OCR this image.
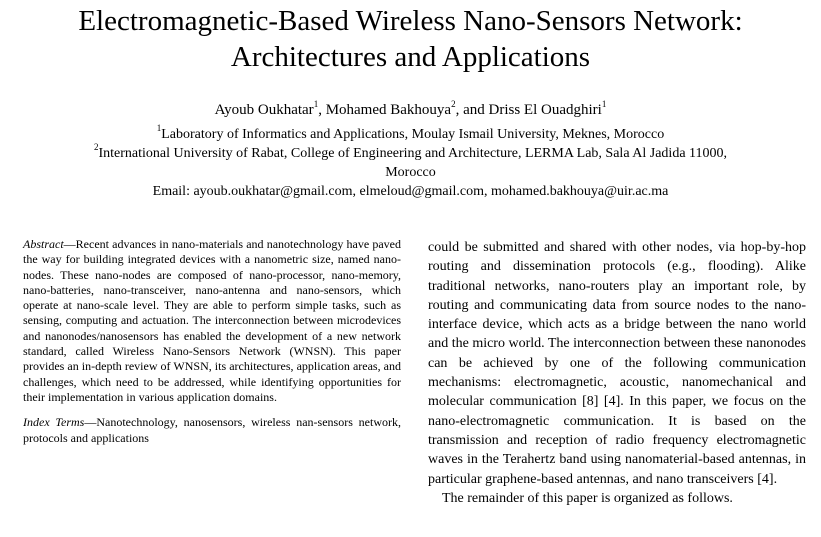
Electromagnetic-Based Wireless Nano-Sensors Network:
Architectures and Applications
Ayoub Oukhatar$^1$, Mohamed Bakhouya$^2$, and Driss El Ouadghiri$^1$
$^1$Laboratory of Informatics and Applications, Moulay Ismail University, Meknes, Morocco
$^2$International University of Rabat, College of Engineering and Architecture, LERMA Lab, Sala Al Jadida 11000,
Morocco
Email: ayoub.oukhatar@gmail.com, elmeloud@gmail.com, mohamed.bakhouya@uir.ac.ma

Abstract—Recent advances in nano-materials and nanotechnology have paved the way for building integrated devices with a nanometric size, named nano-nodes. These nano-nodes are composed of nano-processor, nano-memory, nano-batteries, nano-transceiver, nano-antenna and nano-sensors, which operate at nano-scale level. They are able to perform simple tasks, such as sensing, computing and actuation. The interconnection between microdevices and nanonodes/nanosensors has enabled the development of a new network standard, called Wireless Nano-Sensors Network (WNSN). This paper provides an in-depth review of WNSN, its architectures, application areas, and challenges, which need to be addressed, while identifying opportunities for their implementation in various application domains.

Index Terms—Nanotechnology, nanosensors, wireless nan-sensors network, protocols and applications

could be submitted and shared with other nodes, via hop-by-hop routing and dissemination protocols (e.g., flooding). Alike traditional networks, nano-routers play an important role, by routing and communicating data from source nodes to the nano-interface device, which acts as a bridge between the nano world and the micro world. The interconnection between these nanonodes can be achieved by one of the following communication mechanisms: electromagnetic, acoustic, nanomechanical and molecular communication [8] [4]. In this paper, we focus on the nano-electromagnetic communication. It is based on the transmission and reception of radio frequency electromagnetic waves in the Terahertz band using nanomaterial-based antennas, in particular graphene-based antennas, and nano transceivers [4].

The remainder of this paper is organized as follows.
